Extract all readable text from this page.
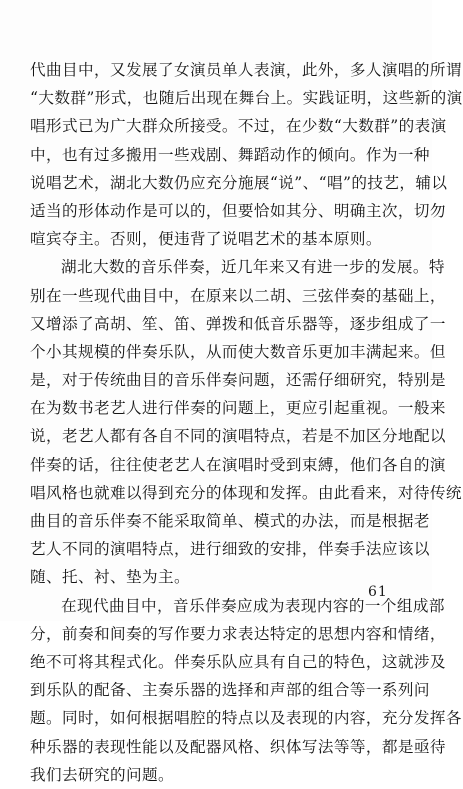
代曲目中，又发展了女演员单人表演，此外，多人演唱的所谓
“大数群”形式，也随后出现在舞台上。实践证明，这些新的演
唱形式已为广大群众所接受。不过，在少数“大数群”的表演
中，也有过多搬用一些戏剧、舞蹈动作的倾向。作为一种
说唱艺术，湖北大数仍应充分施展“说”、“唱”的技艺，辅以
适当的形体动作是可以的，但要恰如其分、明确主次，切勿
喧宾夺主。否则，便违背了说唱艺术的基本原则。
湖北大数的音乐伴奏，近几年来又有进一步的发展。特
别在一些现代曲目中，在原来以二胡、三弦伴奏的基础上，
又增添了高胡、笙、笛、弹拨和低音乐器等，逐步组成了一
个小其规模的伴奏乐队，从而使大数音乐更加丰满起来。但
是，对于传统曲目的音乐伴奏问题，还需仔细研究，特别是
在为数书老艺人进行伴奏的问题上，更应引起重视。一般来
说，老艺人都有各自不同的演唱特点，若是不加区分地配以
伴奏的话，往往使老艺人在演唱时受到束縛，他们各自的演
唱风格也就难以得到充分的体现和发挥。由此看来，对待传统
曲目的音乐伴奏不能采取简单、模式的办法，而是根据老
艺人不同的演唱特点，进行细致的安排，伴奏手法应该以
随、托、衬、垫为主。
在现代曲目中，音乐伴奏应成为表现内容的一个组成部
分，前奏和间奏的写作要力求表达特定的思想内容和情绪，
绝不可将其程式化。伴奏乐队应具有自己的特色，这就涉及
到乐队的配备、主奏乐器的选择和声部的组合等一系列问
题。同时，如何根据唱腔的特点以及表现的内容，充分发挥各
种乐器的表现性能以及配器风格、织体写法等等，都是亟待
我们去研究的问题。
61
